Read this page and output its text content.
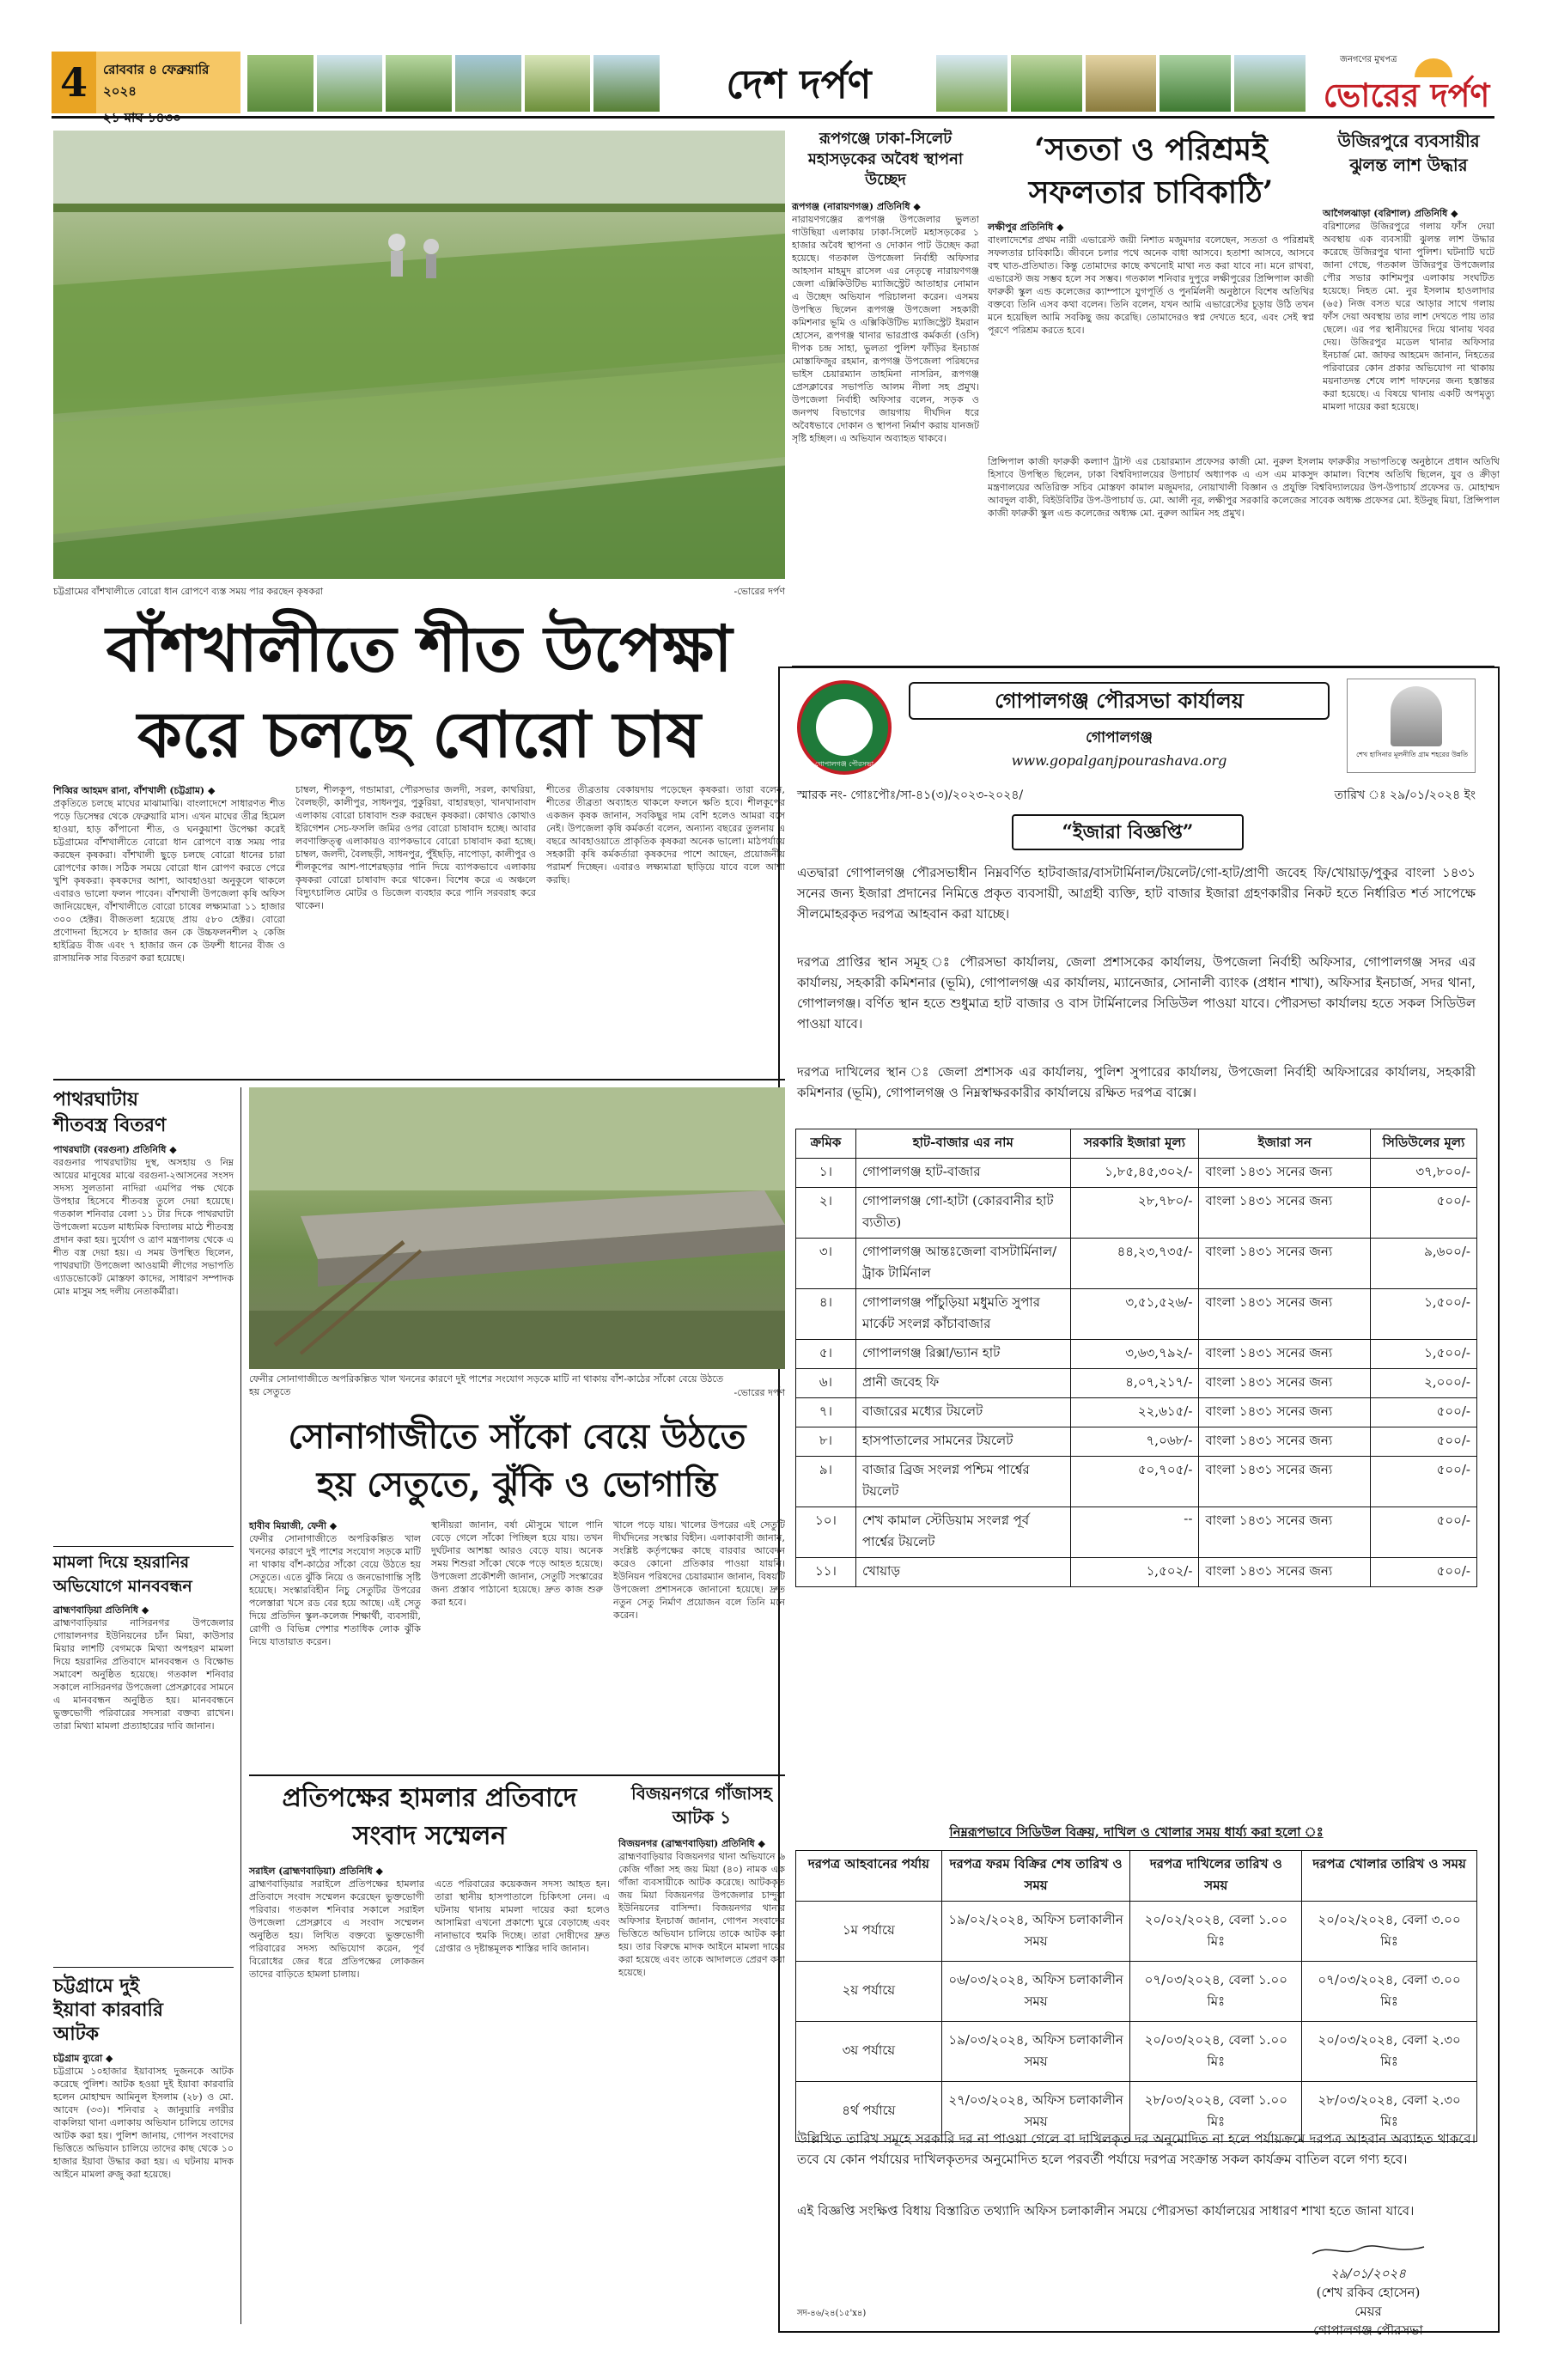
4	রোববার ৪ ফেব্রুয়ারি ২০২৪
২১ মাঘ ১৪৩০
দেশ দর্পণ
জনগণের মুখপত্র
ভোরের দর্পণ
চট্টগ্রামের বাঁশখালীতে বোরো ধান রোপণে ব্যস্ত সময় পার করছেন কৃষকরা	-ভোরের দর্পণ
বাঁশখালীতে শীত উপেক্ষা
করে চলছে বোরো চাষ
শিব্বির আহমদ রানা, বাঁশখালী (চট্টগ্রাম) ◆
প্রকৃতিতে চলছে মাঘের মাঝামাঝি। বাংলাদেশে সাধারণত শীত পড়ে ডিসেম্বর থেকে ফেব্রুয়ারি মাস। এখন মাঘের তীব্র হিমেল হাওয়া, হাড় কাঁপানো শীত, ও ঘনকুয়াশা উপেক্ষা করেই চট্টগ্রামের বাঁশখালীতে বোরো ধান রোপণে ব্যস্ত সময় পার করছেন কৃষকরা। বাঁশখালী ছুড়ে চলছে বোরো ধানের চারা রোপণের কাজ। সঠিক সময়ে বোরো ধান রোপণ করতে পেরে খুশি কৃষকরা। কৃষকদের আশা, আবহাওয়া অনুকূলে থাকলে এবারও ভালো ফলন পাবেন। বাঁশখালী উপজেলা কৃষি অফিস জানিয়েছেন, বাঁশখালীতে বোরো চাষের লক্ষ্যমাত্রা ১১ হাজার ৩০০ হেক্টর। বীজতলা হয়েছে প্রায় ৫৮০ হেক্টর। বোরো প্রণোদনা হিসেবে ৮ হাজার জন কে উচ্চফলনশীল ২ কেজি হাইব্রিড বীজ এবং ৭ হাজার জন কে উফশী ধানের বীজ ও রাসায়নিক সার বিতরণ করা হয়েছে।
চাম্বল, শীলকূপ, গন্ডামারা, পৌরসভার জলদী, সরল, কাথরিয়া, বৈলছড়ী, কালীপুর, সাধনপুর, পুকুরিয়া, বাহারছড়া, খানখানাবাদ এলাকায় বোরো চাষাবাদ শুরু করছেন কৃষকরা। কোথাও কোথাও ইরিগেশন সেচ-ফসলি জমির ওপর বোরো চাষাবাদ হচ্ছে। আবার লবণাক্তিত্ত্ব এলাকায়ও ব্যাপকভাবে বোরো চাষাবাদ করা হচ্ছে। চাম্বল, জলদী, বৈলছড়ী, সাধনপুর, পুঁইছড়ি, নাপোড়া, কালীপুর ও শীলকূপের আশ-পাশেরছড়ার পানি দিয়ে ব্যাপকভাবে এলাকায় কৃষকরা বোরো চাষাবাদ করে থাকেন। বিশেষ করে এ অঞ্চলে বিদ্যুৎচালিত মোটর ও ডিজেল ব্যবহার করে পানি সরবরাহ করে থাকেন।
শীতের তীব্রতায় বেকায়দায় পড়েছেন কৃষকরা। তারা বলেন, শীতের তীব্রতা অব্যাহত থাকলে ফলনে ক্ষতি হবে। শীলকূপের একজন কৃষক জানান, সবকিছুর দাম বেশি হলেও আমরা বসে নেই। উপজেলা কৃষি কর্মকর্তা বলেন, অন্যান্য বছরের তুলনায় এ বছরে আবহাওয়াতে প্রাকৃতিক কৃষকরা অনেক ভালো। মাঠপর্যায়ে সহকারী কৃষি কর্মকর্তারা কৃষকদের পাশে আছেন, প্রয়োজনীয় পরামর্শ দিচ্ছেন। এবারও লক্ষ্যমাত্রা ছাড়িয়ে যাবে বলে আশা করছি।
রূপগঞ্জে ঢাকা-সিলেট মহাসড়কের অবৈধ স্থাপনা উচ্ছেদ
রূপগঞ্জ (নারায়ণগঞ্জ) প্রতিনিধি ◆
নারায়ণগঞ্জের রূপগঞ্জ উপজেলার ভুলতা গাউছিয়া এলাকায় ঢাকা-সিলেট মহাসড়কের ১ হাজার অবৈধ স্থাপনা ও দোকান পাট উচ্ছেদ করা হয়েছে। গতকাল উপজেলা নির্বাহী অফিসার আহসান মাহমুদ রাসেল এর নেতৃত্বে নারায়ণগঞ্জ জেলা এক্সিকিউটিভ ম্যাজিস্ট্রেট আতাহার নোমান এ উচ্ছেদ অভিযান পরিচালনা করেন। এসময় উপস্থিত ছিলেন রূপগঞ্জ উপজেলা সহকারী কমিশনার ভূমি ও এক্সিকিউটিভ ম্যাজিস্ট্রেট ইমরান হোসেন, রূপগঞ্জ থানার ভারপ্রাপ্ত কর্মকর্তা (ওসি) দীপক চন্দ্র সাহা, ভুলতা পুলিশ ফাঁড়ির ইনচার্জ মোস্তাফিজুর রহমান, রূপগঞ্জ উপজেলা পরিষদের ভাইস চেয়ারম্যান তাহমিনা নাসরিন, রূপগঞ্জ প্রেসক্লাবের সভাপতি আলম নীলা সহ প্রমুখ। উপজেলা নির্বাহী অফিসার বলেন, সড়ক ও জনপথ বিভাগের জায়গায় দীর্ঘদিন ধরে অবৈধভাবে দোকান ও স্থাপনা নির্মাণ করায় যানজট সৃষ্টি হচ্ছিল। এ অভিযান অব্যাহত থাকবে।
‘সততা ও পরিশ্রমই
সফলতার চাবিকাঠি’
লক্ষীপুর প্রতিনিধি ◆
বাংলাদেশের প্রথম নারী এভারেস্ট জয়ী নিশাত মজুমদার বলেছেন, সততা ও পরিশ্রমই সফলতার চাবিকাঠি। জীবনে চলার পথে অনেক বাধা আসবে। হতাশা আসবে, আসবে বহু ঘাত-প্রতিঘাত। কিন্তু তোমাদের কাছে কখনোই মাথা নত করা যাবে না। মনে রাখবা, এভারেস্ট জয় সম্ভব হলে সব সম্ভব। গতকাল শনিবার দুপুরে লক্ষীপুরের প্রিন্সিপাল কাজী ফারুকী স্কুল এন্ড কলেজের ক্যাম্পাসে যুগপূর্তি ও পুনর্মিলনী অনুষ্ঠানে বিশেষ অতিথির বক্তব্যে তিনি এসব কথা বলেন। তিনি বলেন, যখন আমি এভারেস্টের চূড়ায় উঠি তখন মনে হয়েছিল আমি সবকিছু জয় করেছি। তোমাদেরও স্বপ্ন দেখতে হবে, এবং সেই স্বপ্ন পূরণে পরিশ্রম করতে হবে।
প্রিন্সিপাল কাজী ফারুকী কল্যাণ ট্রাস্ট এর চেয়ারম্যান প্রফেসর কাজী মো. নুরুল ইসলাম ফারুকীর সভাপতিত্বে অনুষ্ঠানে প্রধান অতিথি হিসাবে উপস্থিত ছিলেন, ঢাকা বিশ্ববিদ্যালয়ের উপাচার্য অধ্যাপক এ এস এম মাকসুদ কামাল। বিশেষ অতিথি ছিলেন, যুব ও ক্রীড়া মন্ত্রণালয়ের অতিরিক্ত সচিব মোস্তফা কামাল মজুমদার, নোয়াখালী বিজ্ঞান ও প্রযুক্তি বিশ্ববিদ্যালয়ের উপ-উপাচার্য প্রফেসর ড. মোহাম্মদ আবদুল বাকী, বিইউবিটির উপ-উপাচার্য ড. মো. আলী নূর, লক্ষীপুর সরকারি কলেজের সাবেক অধ্যক্ষ প্রফেসর মো. ইউনুছ মিয়া, প্রিন্সিপাল কাজী ফারুকী স্কুল এন্ড কলেজের অধ্যক্ষ মো. নুরুল আমিন সহ প্রমুখ।
উজিরপুরে ব্যবসায়ীর ঝুলন্ত লাশ উদ্ধার
আগৈলঝাড়া (বরিশাল) প্রতিনিধি ◆
বরিশালের উজিরপুরে গলায় ফাঁস দেয়া অবস্থায় এক ব্যবসায়ী ঝুলন্ত লাশ উদ্ধার করেছে উজিরপুর থানা পুলিশ। ঘটনাটি ঘটে জানা গেছে, গতকাল উজিরপুর উপজেলার পৌর সভার কাশিমপুর এলাকায় সংঘটিত হয়েছে। নিহত মো. নুর ইসলাম হাওলাদার (৬৫) নিজ বসত ঘরে আড়ার সাথে গলায় ফাঁস দেয়া অবস্থায় তার লাশ দেখতে পায় তার ছেলে। এর পর স্থানীয়দের দিয়ে থানায় খবর দেয়। উজিরপুর মডেল থানার অফিসার ইনচার্জ মো. জাফর আহমেদ জানান, নিহতের পরিবারের কোন প্রকার অভিযোগ না থাকায় ময়নাতদন্ত শেষে লাশ দাফনের জন্য হস্তান্তর করা হয়েছে। এ বিষয়ে থানায় একটি অপমৃত্যু মামলা দায়ের করা হয়েছে।
গোপালগঞ্জ পৌরসভা
গোপালগঞ্জ পৌরসভা কার্যালয়
গোপালগঞ্জ
www.gopalganjpourashava.org	শেখ হাসিনার মূলনীতি গ্রাম শহরের উন্নতি
স্মারক নং- গোঃপৌঃ/সা-৪১(৩)/২০২৩-২০২৪/	তারিখ ঃ ২৯/০১/২০২৪ ইং
“ইজারা বিজ্ঞপ্তি”
এতদ্বারা গোপালগঞ্জ পৌরসভাধীন নিম্নবর্ণিত হাটবাজার/বাসটার্মিনাল/টয়লেট/গো-হাট/প্রাণী জবেহ ফি/খোয়াড়/পুকুর বাংলা ১৪৩১ সনের জন্য ইজারা প্রদানের নিমিত্তে প্রকৃত ব্যবসায়ী, আগ্রহী ব্যক্তি, হাট বাজার ইজারা গ্রহণকারীর নিকট হতে নির্ধারিত শর্ত সাপেক্ষে সীলমোহরকৃত দরপত্র আহবান করা যাচ্ছে।
দরপত্র প্রাপ্তির স্থান সমূহ ঃ পৌরসভা কার্যালয়, জেলা প্রশাসকের কার্যালয়, উপজেলা নির্বাহী অফিসার, গোপালগঞ্জ সদর এর কার্যালয়, সহকারী কমিশনার (ভূমি), গোপালগঞ্জ এর কার্যালয়, ম্যানেজার, সোনালী ব্যাংক (প্রধান শাখা), অফিসার ইনচার্জ, সদর থানা, গোপালগঞ্জ। বর্ণিত স্থান হতে শুধুমাত্র হাট বাজার ও বাস টার্মিনালের সিডিউল পাওয়া যাবে। পৌরসভা কার্যালয় হতে সকল সিডিউল পাওয়া যাবে।
দরপত্র দাখিলের স্থান ঃ জেলা প্রশাসক এর কার্যালয়, পুলিশ সুপারের কার্যালয়, উপজেলা নির্বাহী অফিসারের কার্যালয়, সহকারী কমিশনার (ভূমি), গোপালগঞ্জ ও নিম্নস্বাক্ষরকারীর কার্যালয়ে রক্ষিত দরপত্র বাক্সে।
ক্রমিক	হাট-বাজার এর নাম	সরকারি ইজারা মূল্য	ইজারা সন	সিডিউলের মূল্য
১।	গোপালগঞ্জ হাট-বাজার	১,৮৫,৪৫,৩০২/-	বাংলা ১৪৩১ সনের জন্য	৩৭,৮০০/-
২।	গোপালগঞ্জ গো-হাটা (কোরবানীর হাট ব্যতীত)	২৮,৭৮০/-	বাংলা ১৪৩১ সনের জন্য	৫০০/-
৩।	গোপালগঞ্জ আন্তঃজেলা বাসটার্মিনাল/ ট্রাক টার্মিনাল	৪৪,২৩,৭৩৫/-	বাংলা ১৪৩১ সনের জন্য	৯,৬০০/-
৪।	গোপালগঞ্জ পাঁচুড়িয়া মধুমতি সুপার মার্কেট সংলগ্ন কাঁচাবাজার	৩,৫১,৫২৬/-	বাংলা ১৪৩১ সনের জন্য	১,৫০০/-
৫।	গোপালগঞ্জ রিক্সা/ভ্যান হাট	৩,৬৩,৭৯২/-	বাংলা ১৪৩১ সনের জন্য	১,৫০০/-
৬।	প্রানী জবেহ ফি	৪,০৭,২১৭/-	বাংলা ১৪৩১ সনের জন্য	২,০০০/-
৭।	বাজারের মধ্যের টয়লেট	২২,৬১৫/-	বাংলা ১৪৩১ সনের জন্য	৫০০/-
৮।	হাসপাতালের সামনের টয়লেট	৭,০৬৮/-	বাংলা ১৪৩১ সনের জন্য	৫০০/-
৯।	বাজার ব্রিজ সংলগ্ন পশ্চিম পার্শ্বের টয়লেট	৫০,৭০৫/-	বাংলা ১৪৩১ সনের জন্য	৫০০/-
১০।	শেখ কামাল স্টেডিয়াম সংলগ্ন পূর্ব পার্শ্বের টয়লেট	--	বাংলা ১৪৩১ সনের জন্য	৫০০/-
১১।	খোয়াড়	১,৫০২/-	বাংলা ১৪৩১ সনের জন্য	৫০০/-
নিম্নরূপভাবে সিডিউল বিক্রয়, দাখিল ও খোলার সময় ধার্য্য করা হলো ঃ
দরপত্র আহবানের পর্যায়	দরপত্র ফরম বিক্রির শেষ তারিখ ও সময়	দরপত্র দাখিলের তারিখ ও সময়	দরপত্র খোলার তারিখ ও সময়
১ম পর্যায়ে	১৯/০২/২০২৪, অফিস চলাকালীন সময়	২০/০২/২০২৪, বেলা ১.০০ মিঃ	২০/০২/২০২৪, বেলা ৩.০০ মিঃ
২য় পর্যায়ে	০৬/০৩/২০২৪, অফিস চলাকালীন সময়	০৭/০৩/২০২৪, বেলা ১.০০ মিঃ	০৭/০৩/২০২৪, বেলা ৩.০০ মিঃ
৩য় পর্যায়ে	১৯/০৩/২০২৪, অফিস চলাকালীন সময়	২০/০৩/২০২৪, বেলা ১.০০ মিঃ	২০/০৩/২০২৪, বেলা ২.৩০ মিঃ
৪র্থ পর্যায়ে	২৭/০৩/২০২৪, অফিস চলাকালীন সময়	২৮/০৩/২০২৪, বেলা ১.০০ মিঃ	২৮/০৩/২০২৪, বেলা ২.৩০ মিঃ
উল্লিখিত তারিখ সমূহে সরকারি দর না পাওয়া গেলে বা দাখিলকৃত দর অনুমোদিত না হলে পর্যায়ক্রমে দরপত্র আহবান অব্যাহত থাকবে। তবে যে কোন পর্যায়ের দাখিলকৃতদর অনুমোদিত হলে পরবর্তী পর্যায়ে দরপত্র সংক্রান্ত সকল কার্যক্রম বাতিল বলে গণ্য হবে।
এই বিজ্ঞপ্তি সংক্ষিপ্ত বিধায় বিস্তারিত তথ্যাদি অফিস চলাকালীন সময়ে পৌরসভা কার্যালয়ের সাধারণ শাখা হতে জানা যাবে।
২৯/০১/২০২৪
(শেখ রকিব হোসেন)
মেয়র
গোপালগঞ্জ পৌরসভা
সদ-৪৬/২৪(১৫'x৪)
পাথরঘাটায়
শীতবস্ত্র বিতরণ
পাথরঘাটা (বরগুনা) প্রতিনিধি ◆
বরগুনার পাথরঘাটায় দুস্থ, অসহায় ও নিম্ন আয়ের মানুষের মাঝে বরগুনা-২আসনের সংসদ সদস্য সুলতানা নাদিরা এমপির পক্ষ থেকে উপহার হিসেবে শীতবস্ত্র তুলে দেয়া হয়েছে। গতকাল শনিবার বেলা ১১ টার দিকে পাথরঘাটা উপজেলা মডেল মাধ্যমিক বিদ্যালয় মাঠে শীতবস্ত্র প্রদান করা হয়। দুর্যোগ ও ত্রাণ মন্ত্রণালয় থেকে এ শীত বস্ত্র দেয়া হয়। এ সময় উপস্থিত ছিলেন, পাথরঘাটা উপজেলা আওয়ামী লীগের সভাপতি এ্যাডভোকেট মোস্তফা কাদের, সাধারণ সম্পাদক মোঃ মাসুম সহ দলীয় নেতাকর্মীরা।
মামলা দিয়ে হয়রানির
অভিযোগে মানববন্ধন
ব্রাহ্মণবাড়িয়া প্রতিনিধি ◆
ব্রাহ্মণবাড়িয়ার নাসিরনগর উপজেলার গোয়ালনগর ইউনিয়নের চাঁন মিয়া, কাউসার মিয়ার লাশটি বেগমকে মিথ্যা অপহরণ মামলা দিয়ে হয়রানির প্রতিবাদে মানববন্ধন ও বিক্ষোভ সমাবেশ অনুষ্ঠিত হয়েছে। গতকাল শনিবার সকালে নাসিরনগর উপজেলা প্রেসক্লাবের সামনে এ মানববন্ধন অনুষ্ঠিত হয়। মানববন্ধনে ভুক্তভোগী পরিবারের সদস্যরা বক্তব্য রাখেন। তারা মিথ্যা মামলা প্রত্যাহারের দাবি জানান।
চট্টগ্রামে দুই
ইয়াবা কারবারি
আটক
চট্টগ্রাম ব্যুরো ◆
চট্টগ্রামে ১০হাজার ইয়াবাসহ দুজনকে আটক করেছে পুলিশ। আটক হওয়া দুই ইয়াবা কারবারি হলেন মোহাম্মদ আমিনুল ইসলাম (২৮) ও মো. আবেদ (৩৩)। শনিবার ২ জানুয়ারি নগরীর বাকলিয়া থানা এলাকায় অভিযান চালিয়ে তাদের আটক করা হয়। পুলিশ জানায়, গোপন সংবাদের ভিত্তিতে অভিযান চালিয়ে তাদের কাছ থেকে ১০ হাজার ইয়াবা উদ্ধার করা হয়। এ ঘটনায় মাদক আইনে মামলা রুজু করা হয়েছে।
ফেনীর সোনাগাজীতে অপরিকল্পিত খাল খননের কারণে দুই পাশের সংযোগ সড়কে মাটি না থাকায় বাঁশ-কাঠের সাঁকো বেয়ে উঠতে হয় সেতুতে	-ভোরের দর্পণ
সোনাগাজীতে সাঁকো বেয়ে উঠতে
হয় সেতুতে, ঝুঁকি ও ভোগান্তি
হাবীব মিয়াজী, ফেনী ◆
ফেনীর সোনাগাজীতে অপরিকল্পিত খাল খননের কারণে দুই পাশের সংযোগ সড়কে মাটি না থাকায় বাঁশ-কাঠের সাঁকো বেয়ে উঠতে হয় সেতুতে। এতে ঝুঁকি নিয়ে ও জনভোগান্তি সৃষ্টি হয়েছে। সংস্কারবিহীন নিচু সেতুটির উপরের পলেস্তারা খসে রড বের হয়ে আছে। এই সেতু দিয়ে প্রতিদিন স্কুল-কলেজ শিক্ষার্থী, ব্যবসায়ী, রোগী ও বিভিন্ন পেশার শতাধিক লোক ঝুঁকি নিয়ে যাতায়াত করেন।
স্থানীয়রা জানান, বর্ষা মৌসুমে খালে পানি বেড়ে গেলে সাঁকো পিচ্ছিল হয়ে যায়। তখন দুর্ঘটনার আশঙ্কা আরও বেড়ে যায়। অনেক সময় শিশুরা সাঁকো থেকে পড়ে আহত হয়েছে। উপজেলা প্রকৌশলী জানান, সেতুটি সংস্কারের জন্য প্রস্তাব পাঠানো হয়েছে। দ্রুত কাজ শুরু করা হবে।
খালে পড়ে যায়। খালের উপরের এই সেতুটি দীর্ঘদিনের সংস্কার বিহীন। এলাকাবাসী জানান, সংশ্লিষ্ট কর্তৃপক্ষের কাছে বারবার আবেদন করেও কোনো প্রতিকার পাওয়া যায়নি। ইউনিয়ন পরিষদের চেয়ারম্যান জানান, বিষয়টি উপজেলা প্রশাসনকে জানানো হয়েছে। দ্রুত নতুন সেতু নির্মাণ প্রয়োজন বলে তিনি মনে করেন।
প্রতিপক্ষের হামলার প্রতিবাদে
সংবাদ সম্মেলন
সরাইল (ব্রাহ্মণবাড়িয়া) প্রতিনিধি ◆
ব্রাহ্মণবাড়িয়ার সরাইলে প্রতিপক্ষের হামলার প্রতিবাদে সংবাদ সম্মেলন করেছেন ভুক্তভোগী পরিবার। গতকাল শনিবার সকালে সরাইল উপজেলা প্রেসক্লাবে এ সংবাদ সম্মেলন অনুষ্ঠিত হয়। লিখিত বক্তব্যে ভুক্তভোগী পরিবারের সদস্য অভিযোগ করেন, পূর্ব বিরোধের জের ধরে প্রতিপক্ষের লোকজন তাদের বাড়িতে হামলা চালায়।
এতে পরিবারের কয়েকজন সদস্য আহত হন। তারা স্থানীয় হাসপাতালে চিকিৎসা নেন। এ ঘটনায় থানায় মামলা দায়ের করা হলেও আসামিরা এখনো প্রকাশ্যে ঘুরে বেড়াচ্ছে এবং নানাভাবে হুমকি দিচ্ছে। তারা দোষীদের দ্রুত গ্রেপ্তার ও দৃষ্টান্তমূলক শাস্তির দাবি জানান।
বিজয়নগরে গাঁজাসহ
আটক ১
বিজয়নগর (ব্রাহ্মণবাড়িয়া) প্রতিনিধি ◆
ব্রাহ্মণবাড়িয়ার বিজয়নগর থানা অভিযানে ৬ কেজি গাঁজা সহ জয় মিয়া (৪০) নামক এক গাঁজা ব্যবসায়ীকে আটক করেছে। আটককৃত জয় মিয়া বিজয়নগর উপজেলার চান্দুরা ইউনিয়নের বাসিন্দা। বিজয়নগর থানার অফিসার ইনচার্জ জানান, গোপন সংবাদের ভিত্তিতে অভিযান চালিয়ে তাকে আটক করা হয়। তার বিরুদ্ধে মাদক আইনে মামলা দায়ের করা হয়েছে এবং তাকে আদালতে প্রেরণ করা হয়েছে।
